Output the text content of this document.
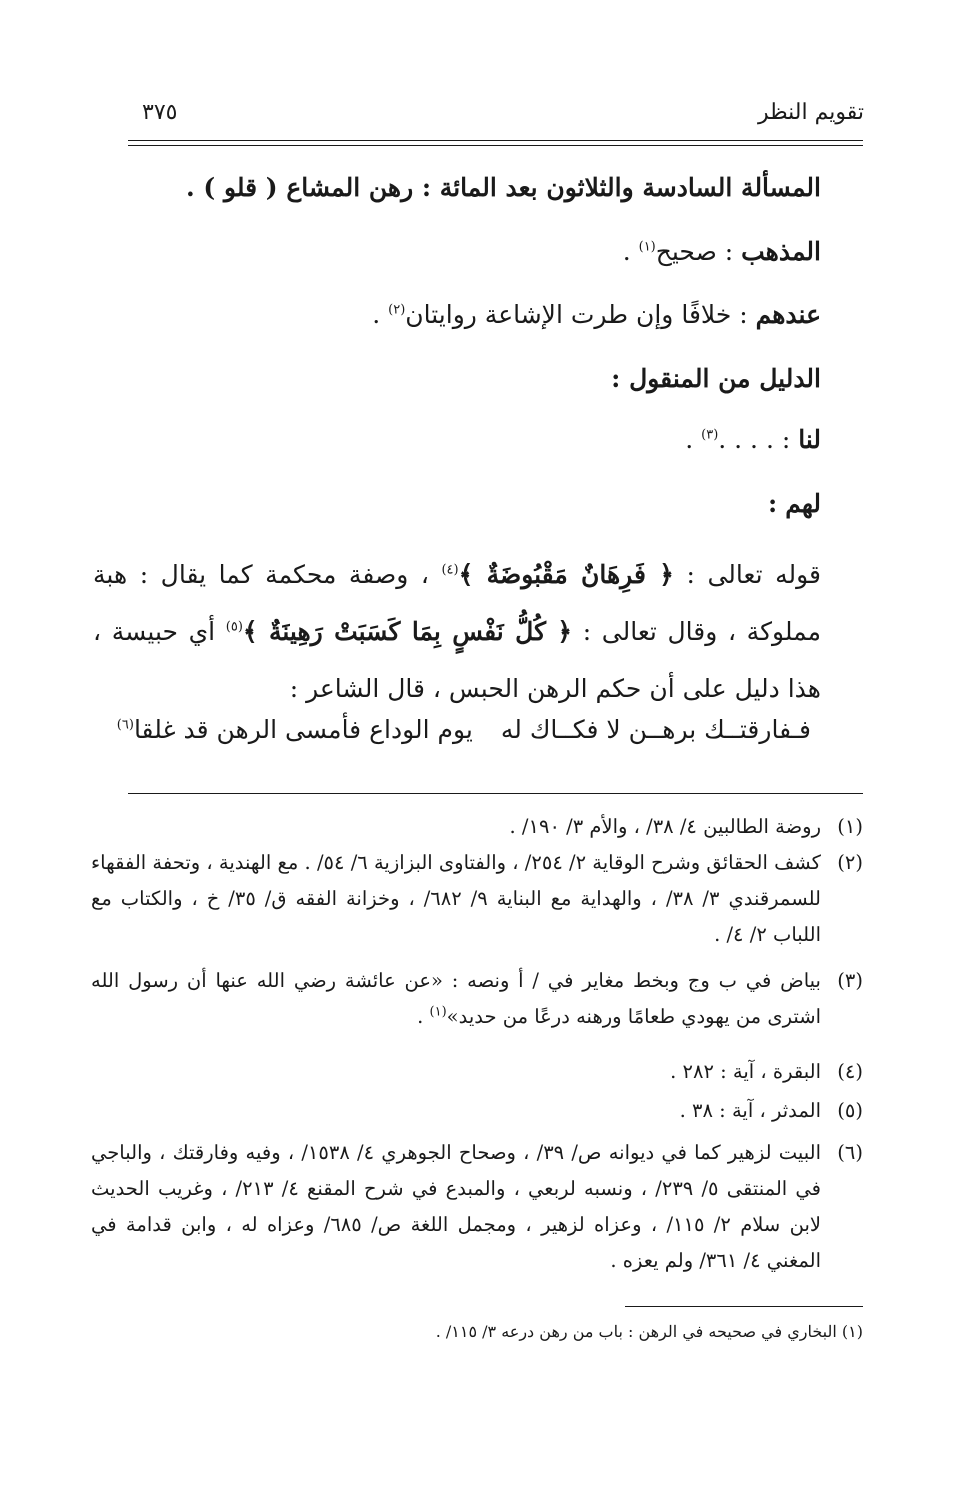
تقويم النظر
٣٧٥
المسألة السادسة والثلاثون بعد المائة : رهن المشاع ( قلو ) .
المذهب : صحيح$^{(١)}$ .
عندهم : خلافًا وإن طرت الإشاعة روايتان$^{(٢)}$ .
الدليل من المنقول :
لنا : . . . .$^{(٣)}$ .
لهم :
قوله تعالى : ﴿ فَرِهَانٌ مَقْبُوضَةٌ ﴾$^{(٤)}$ ، وصفة محكمة كما يقال : هبة مملوكة ، وقال تعالى : ﴿ كُلُّ نَفْسٍ بِمَا كَسَبَتْ رَهِينَةٌ ﴾$^{(٥)}$ أي حبيسة ، هذا دليل على أن حكم الرهن الحبس ، قال الشاعر :
فـفارقتــك برهــن لا فكــاك لهيوم الوداع فأمسى الرهن قد غلقا$^{(٦)}$
(١)
روضة الطالبين ٤/ ٣٨/ ، والأم ٣/ ١٩٠/ .
(٢)
كشف الحقائق وشرح الوقاية ٢/ ٢٥٤/ ، والفتاوى البزازية ٦/ ٥٤/ . مع الهندية ، وتحفة الفقهاء للسمرقندي ٣/ ٣٨/ ، والهداية مع البناية ٩/ ٦٨٢/ ، وخزانة الفقه ق/ ٣٥/ خ ، والكتاب مع اللباب ٢/ ٤/ .
(٣)
بياض في ب وج وبخط مغاير في / أ ونصه : «عن عائشة رضي الله عنها أن رسول الله اشترى من يهودي طعامًا ورهنه درعًا من حديد»$^{(١)}$ .
(٤)
البقرة ، آية : ٢٨٢ .
(٥)
المدثر ، آية : ٣٨ .
(٦)
البيت لزهير كما في ديوانه ص/ ٣٩/ ، وصحاح الجوهري ٤/ ١٥٣٨/ ، وفيه وفارقتك ، والباجي في المنتقى ٥/ ٢٣٩/ ، ونسبه لربعي ، والمبدع في شرح المقنع ٤/ ٢١٣/ ، وغريب الحديث لابن سلام ٢/ ١١٥/ ، وعزاه لزهير ، ومجمل اللغة ص/ ٦٨٥/ وعزاه له ، وابن قدامة في المغني ٤/ ٣٦١/ ولم يعزه .
(١) البخاري في صحيحه في الرهن : باب من رهن درعه ٣/ ١١٥/ .
